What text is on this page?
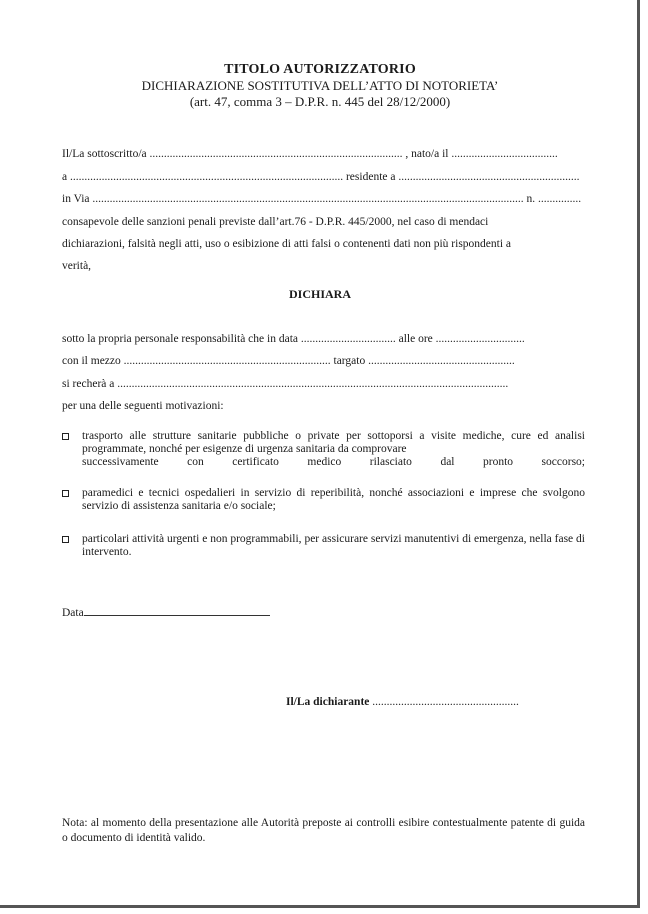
TITOLO AUTORIZZATORIO
DICHIARAZIONE SOSTITUTIVA DELL’ATTO DI NOTORIETA’
(art. 47, comma 3 – D.P.R. n. 445 del 28/12/2000)
Il/La sottoscritto/a ........................................................................................ , nato/a il .....................................
a ............................................................................................... residente a ...............................................................
in Via ...................................................................................................................................................... n. ...............
consapevole delle sanzioni penali previste dall’art.76 - D.P.R. 445/2000, nel caso di mendaci
dichiarazioni, falsità negli atti, uso o esibizione di atti falsi o contenenti dati non più rispondenti a
verità,
DICHIARA
sotto la propria personale responsabilità che in data ................................. alle ore ...............................
con il mezzo ........................................................................ targato ...................................................
si recherà a ........................................................................................................................................
per una delle seguenti motivazioni:
trasporto alle strutture sanitarie pubbliche o private per sottoporsi a visite mediche, cure ed analisi programmate, nonché per esigenze di urgenza sanitaria da comprovare
successivamente con certificato medico rilasciato dal pronto soccorso;
paramedici e tecnici ospedalieri in servizio di reperibilità, nonché associazioni e imprese che svolgono servizio di assistenza sanitaria e/o sociale;
particolari attività urgenti e non programmabili, per assicurare servizi manutentivi di emergenza, nella fase di intervento.
Data
Il/La dichiarante ...................................................
Nota: al momento della presentazione alle Autorità preposte ai controlli esibire contestualmente patente di guida o documento di identità valido.
